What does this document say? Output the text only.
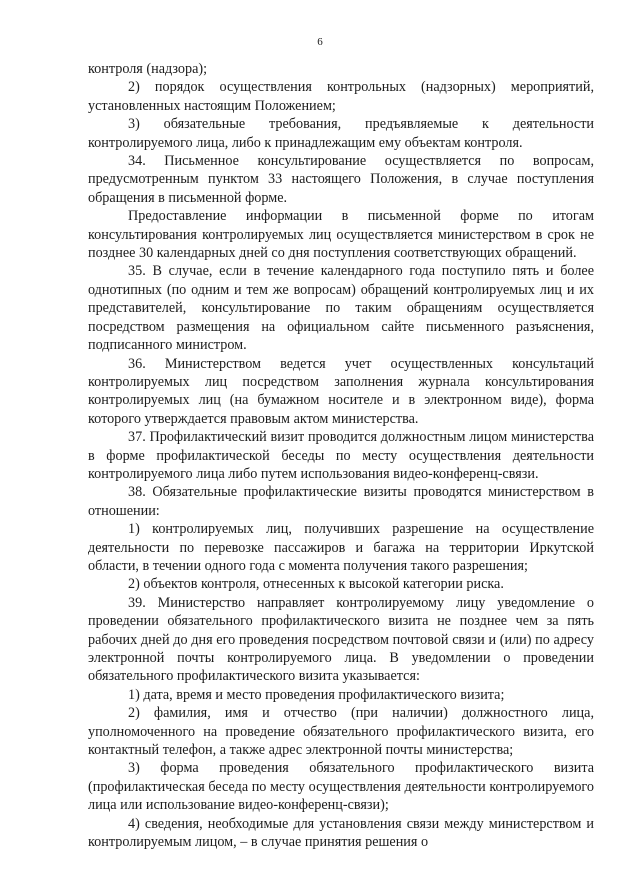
6

контроля (надзора);

2) порядок осуществления контрольных (надзорных) мероприятий, установленных настоящим Положением;

3) обязательные требования, предъявляемые к деятельности контролируемого лица, либо к принадлежащим ему объектам контроля.

34. Письменное консультирование осуществляется по вопросам, предусмотренным пунктом 33 настоящего Положения, в случае поступления обращения в письменной форме.

Предоставление информации в письменной форме по итогам консультирования контролируемых лиц осуществляется министерством в срок не позднее 30 календарных дней со дня поступления соответствующих обращений.

35. В случае, если в течение календарного года поступило пять и более однотипных (по одним и тем же вопросам) обращений контролируемых лиц и их представителей, консультирование по таким обращениям осуществляется посредством размещения на официальном сайте письменного разъяснения, подписанного министром.

36. Министерством ведется учет осуществленных консультаций контролируемых лиц посредством заполнения журнала консультирования контролируемых лиц (на бумажном носителе и в электронном виде), форма которого утверждается правовым актом министерства.

37. Профилактический визит проводится должностным лицом министерства в форме профилактической беседы по месту осуществления деятельности контролируемого лица либо путем использования видео-конференц-связи.

38. Обязательные профилактические визиты проводятся министерством в отношении:

1) контролируемых лиц, получивших разрешение на осуществление деятельности по перевозке пассажиров и багажа на территории Иркутской области, в течении одного года с момента получения такого разрешения;

2) объектов контроля, отнесенных к высокой категории риска.

39. Министерство направляет контролируемому лицу уведомление о проведении обязательного профилактического визита не позднее чем за пять рабочих дней до дня его проведения посредством почтовой связи и (или) по адресу электронной почты контролируемого лица. В уведомлении о проведении обязательного профилактического визита указывается:

1) дата, время и место проведения профилактического визита;

2) фамилия, имя и отчество (при наличии) должностного лица, уполномоченного на проведение обязательного профилактического визита, его контактный телефон, а также адрес электронной почты министерства;

3) форма проведения обязательного профилактического визита (профилактическая беседа по месту осуществления деятельности контролируемого лица или использование видео-конференц-связи);

4) сведения, необходимые для установления связи между министерством и контролируемым лицом, – в случае принятия решения о
